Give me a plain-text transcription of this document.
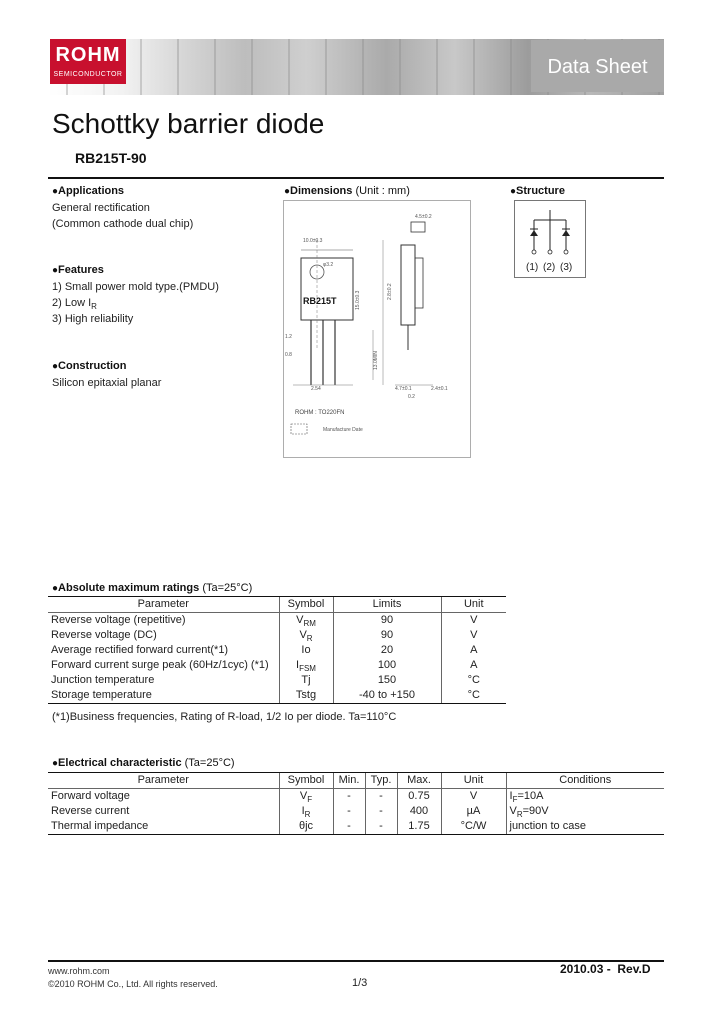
ROHM
SEMICONDUCTOR	Data Sheet
Schottky barrier diode
RB215T-90
●Applications
General rectification
(Common cathode dual chip)
●Features
1) Small power mold type.(PMDU)
2) Low $I_R$
3) High reliability
●Construction
Silicon epitaxial planar
●Dimensions (Unit : mm)
RB215T
10.0±0.3
4.5±0.2
15.0±0.3	2.8±0.2
1.2
0.8
2.54
13.0MIN
4.7±0.1
0.2
2.4±0.1
φ3.2
ROHM : TO220FN
Manufacture Date
●Structure
(1) (2) (3)
●Absolute maximum ratings (Ta=25°C)
Parameter	Symbol	Limits	Unit
Reverse voltage (repetitive)	$V_{RM}$	90	V
Reverse voltage (DC)	$V_R$	90	V
Average rectified forward current(*1)	Io	20	A
Forward current surge peak (60Hz/1cyc) (*1)	$I_{FSM}$	100	A
Junction temperature	Tj	150	°C
Storage temperature	Tstg	-40 to +150	°C
(*1)Business frequencies, Rating of R-load, 1/2 Io per diode. Ta=110°C
●Electrical characteristic (Ta=25°C)
Parameter	Symbol	Min.	Typ.	Max.	Unit	Conditions
Forward voltage	$V_F$	-	-	0.75	V	$I_F=10A$
Reverse current	$I_R$	-	-	400	µA	$V_R=90V$
Thermal impedance	θjc	-	-	1.75	°C/W	junction to case
www.rohm.com
©2010 ROHM Co., Ltd. All rights reserved.	1/3
2010.03 -  Rev.D
